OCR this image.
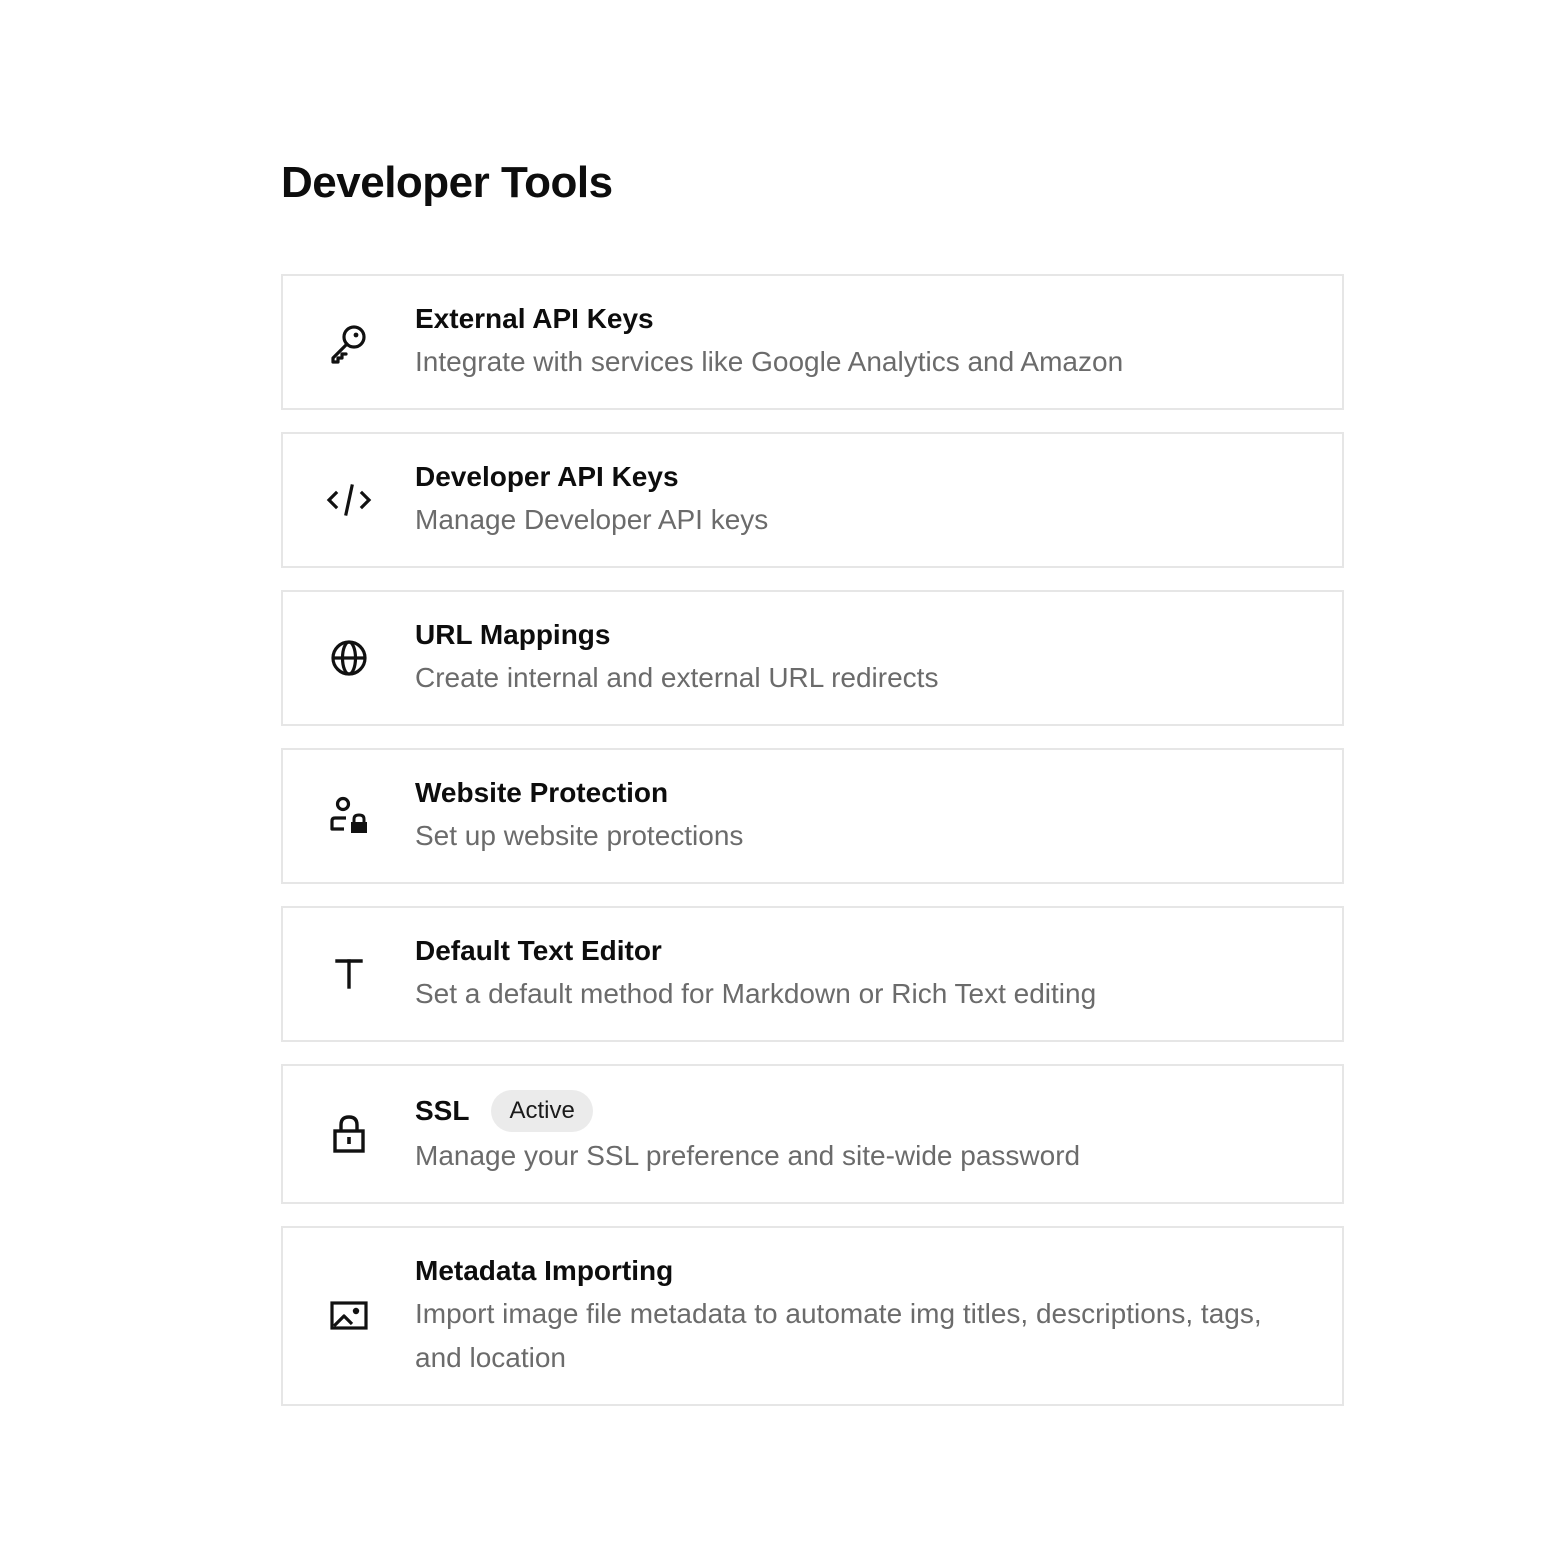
Developer Tools
External API Keys
Integrate with services like Google Analytics and Amazon
Developer API Keys
Manage Developer API keys
URL Mappings
Create internal and external URL redirects
Website Protection
Set up website protections
Default Text Editor
Set a default method for Markdown or Rich Text editing
SSL	Active
Manage your SSL preference and site-wide password
Metadata Importing
Import image file metadata to automate img titles, descriptions, tags, and location
